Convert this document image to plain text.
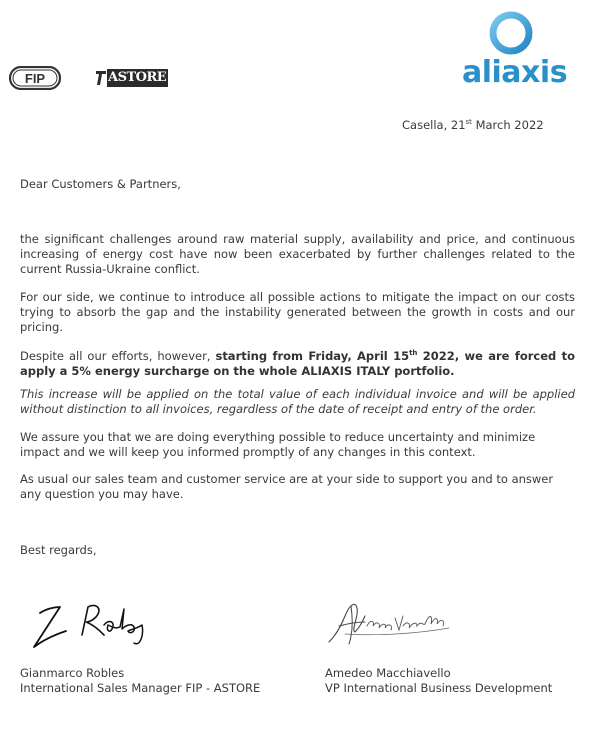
FIP	ASTORE	aliaxis
Casella, 21st March 2022

Dear Customers & Partners,

the significant challenges around raw material supply, availability and price, and continuous increasing of energy cost have now been exacerbated by further challenges related to the current Russia-Ukraine conflict.

For our side, we continue to introduce all possible actions to mitigate the impact on our costs trying to absorb the gap and the instability generated between the growth in costs and our pricing.

Despite all our efforts, however, starting from Friday, April 15th 2022, we are forced to apply a 5% energy surcharge on the whole ALIAXIS ITALY portfolio.

This increase will be applied on the total value of each individual invoice and will be applied without distinction to all invoices, regardless of the date of receipt and entry of the order.

We assure you that we are doing everything possible to reduce uncertainty and minimize impact and we will keep you informed promptly of any changes in this context.

As usual our sales team and customer service are at your side to support you and to answer any question you may have.

Best regards,

Gianmarco Robles
International Sales Manager FIP - ASTORE
Amedeo Macchiavello
VP International Business Development
